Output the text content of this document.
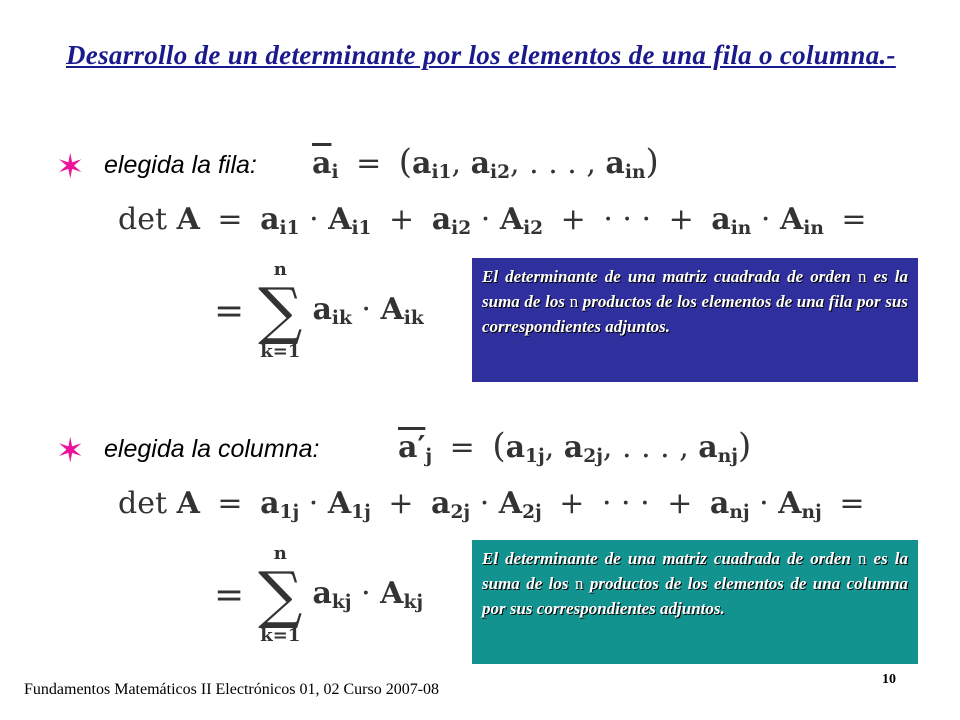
Desarrollo de un determinante por los elementos de una fila o columna.-
✶ elegida la fila: $\overline{a}_i = (a_{i1}$, $a_{i2}$, . . . , $a_{in}$)
$\det A = a_{i1} \cdot A_{i1} + a_{i2} \cdot A_{i2}$ + · · · + $a_{in} \cdot A_{in}$ =
=
n
∑
k=1
$a_{ik} \cdot A_{ik}$
El determinante de una matriz cuadrada de orden n es la suma de los n productos de los elementos de una fila por sus correspondientes adjuntos.
✶ elegida la columna:	$a'_j = (a_{1j}$, $a_{2j}$, . . . , $a_{nj}$)
$\det A = a_{1j} \cdot A_{1j} + a_{2j} \cdot A_{2j}$ + · · · + $a_{nj} \cdot A_{nj}$ =
=
n
∑
k=1
$a_{kj} \cdot A_{kj}$
El determinante de una matriz cuadrada de orden n es la suma de los n productos de los elementos de una columna por sus correspondientes adjuntos.
Fundamentos Matemáticos II Electrónicos 01, 02 Curso 2007-08
10
